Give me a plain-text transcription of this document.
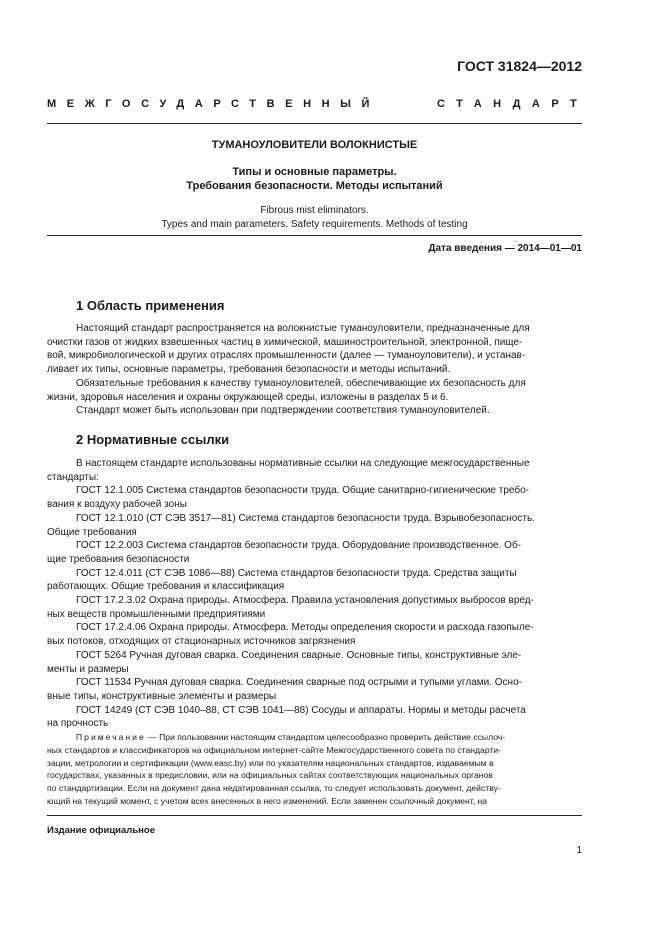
ГОСТ 31824—2012
МЕЖГОСУДАРСТВЕННЫЙ	СТАНДАРТ
ТУМАНОУЛОВИТЕЛИ ВОЛОКНИСТЫЕ
Типы и основные параметры.
Требования безопасности. Методы испытаний
Fibrous mist eliminators.
Types and main parameters. Safety requirements. Methods of testing
Дата введения — 2014—01—01
1 Область применения
Настоящий стандарт распространяется на волокнистые туманоуловители, предназначенные для
очистки газов от жидких взвешенных частиц в химической, машиностроительной, электронной, пище-
вой, микробиологической и других отраслях промышленности (далее — туманоуловители), и устанав-
ливает их типы, основные параметры, требования безопасности и методы испытаний.
Обязательные требования к качеству туманоуловителей, обеспечивающие их безопасность для
жизни, здоровья населения и охраны окружающей среды, изложены в разделах 5 и 6.
Стандарт может быть использован при подтверждении соответствия туманоуловителей.
2 Нормативные ссылки
В настоящем стандарте использованы нормативные ссылки на следующие межгосударственные
стандарты:
ГОСТ 12.1.005 Система стандартов безопасности труда. Общие санитарно-гигиенические требо-
вания к воздуху рабочей зоны
ГОСТ 12.1.010 (СТ СЭВ 3517—81) Система стандартов безопасности труда. Взрывобезопасность.
Общие требования
ГОСТ 12.2.003 Система стандартов безопасности труда. Оборудование производственное. Об-
щие требования безопасности
ГОСТ 12.4.011 (СТ СЭВ 1086—88) Система стандартов безопасности труда. Средства защиты
работающих. Общие требования и классификация
ГОСТ 17.2.3.02 Охрана природы. Атмосфера. Правила установления допустимых выбросов вред-
ных веществ промышленными предприятиями
ГОСТ 17.2.4.06 Охрана природы. Атмосфера. Методы определения скорости и расхода газопыле-
вых потоков, отходящих от стационарных источников загрязнения
ГОСТ 5264 Ручная дуговая сварка. Соединения сварные. Основные типы, конструктивные эле-
менты и размеры
ГОСТ 11534 Ручная дуговая сварка. Соединения сварные под острыми и тупыми углами. Осно-
вные типы, конструктивные элементы и размеры
ГОСТ 14249 (СТ СЭВ 1040–88, СТ СЭВ 1041—88) Сосуды и аппараты. Нормы и методы расчета
на прочность
Примечание — При пользовании настоящим стандартом целесообразно проверить действие ссылоч-
ных стандартов и классификаторов на официальном интернет-сайте Межгосударственного совета по стандарти-
зации, метрологии и сертификации (www.easc.by) или по указателям национальных стандартов, издаваемым в
государствах, указанных в предисловии, или на официальных сайтах соответствующих национальных органов
по стандартизации. Если на документ дана недатированная ссылка, то следует использовать документ, действу-
ющий на текущий момент, с учетом всех внесенных в него изменений. Если заменен ссылочный документ, на
Издание официальное
1
